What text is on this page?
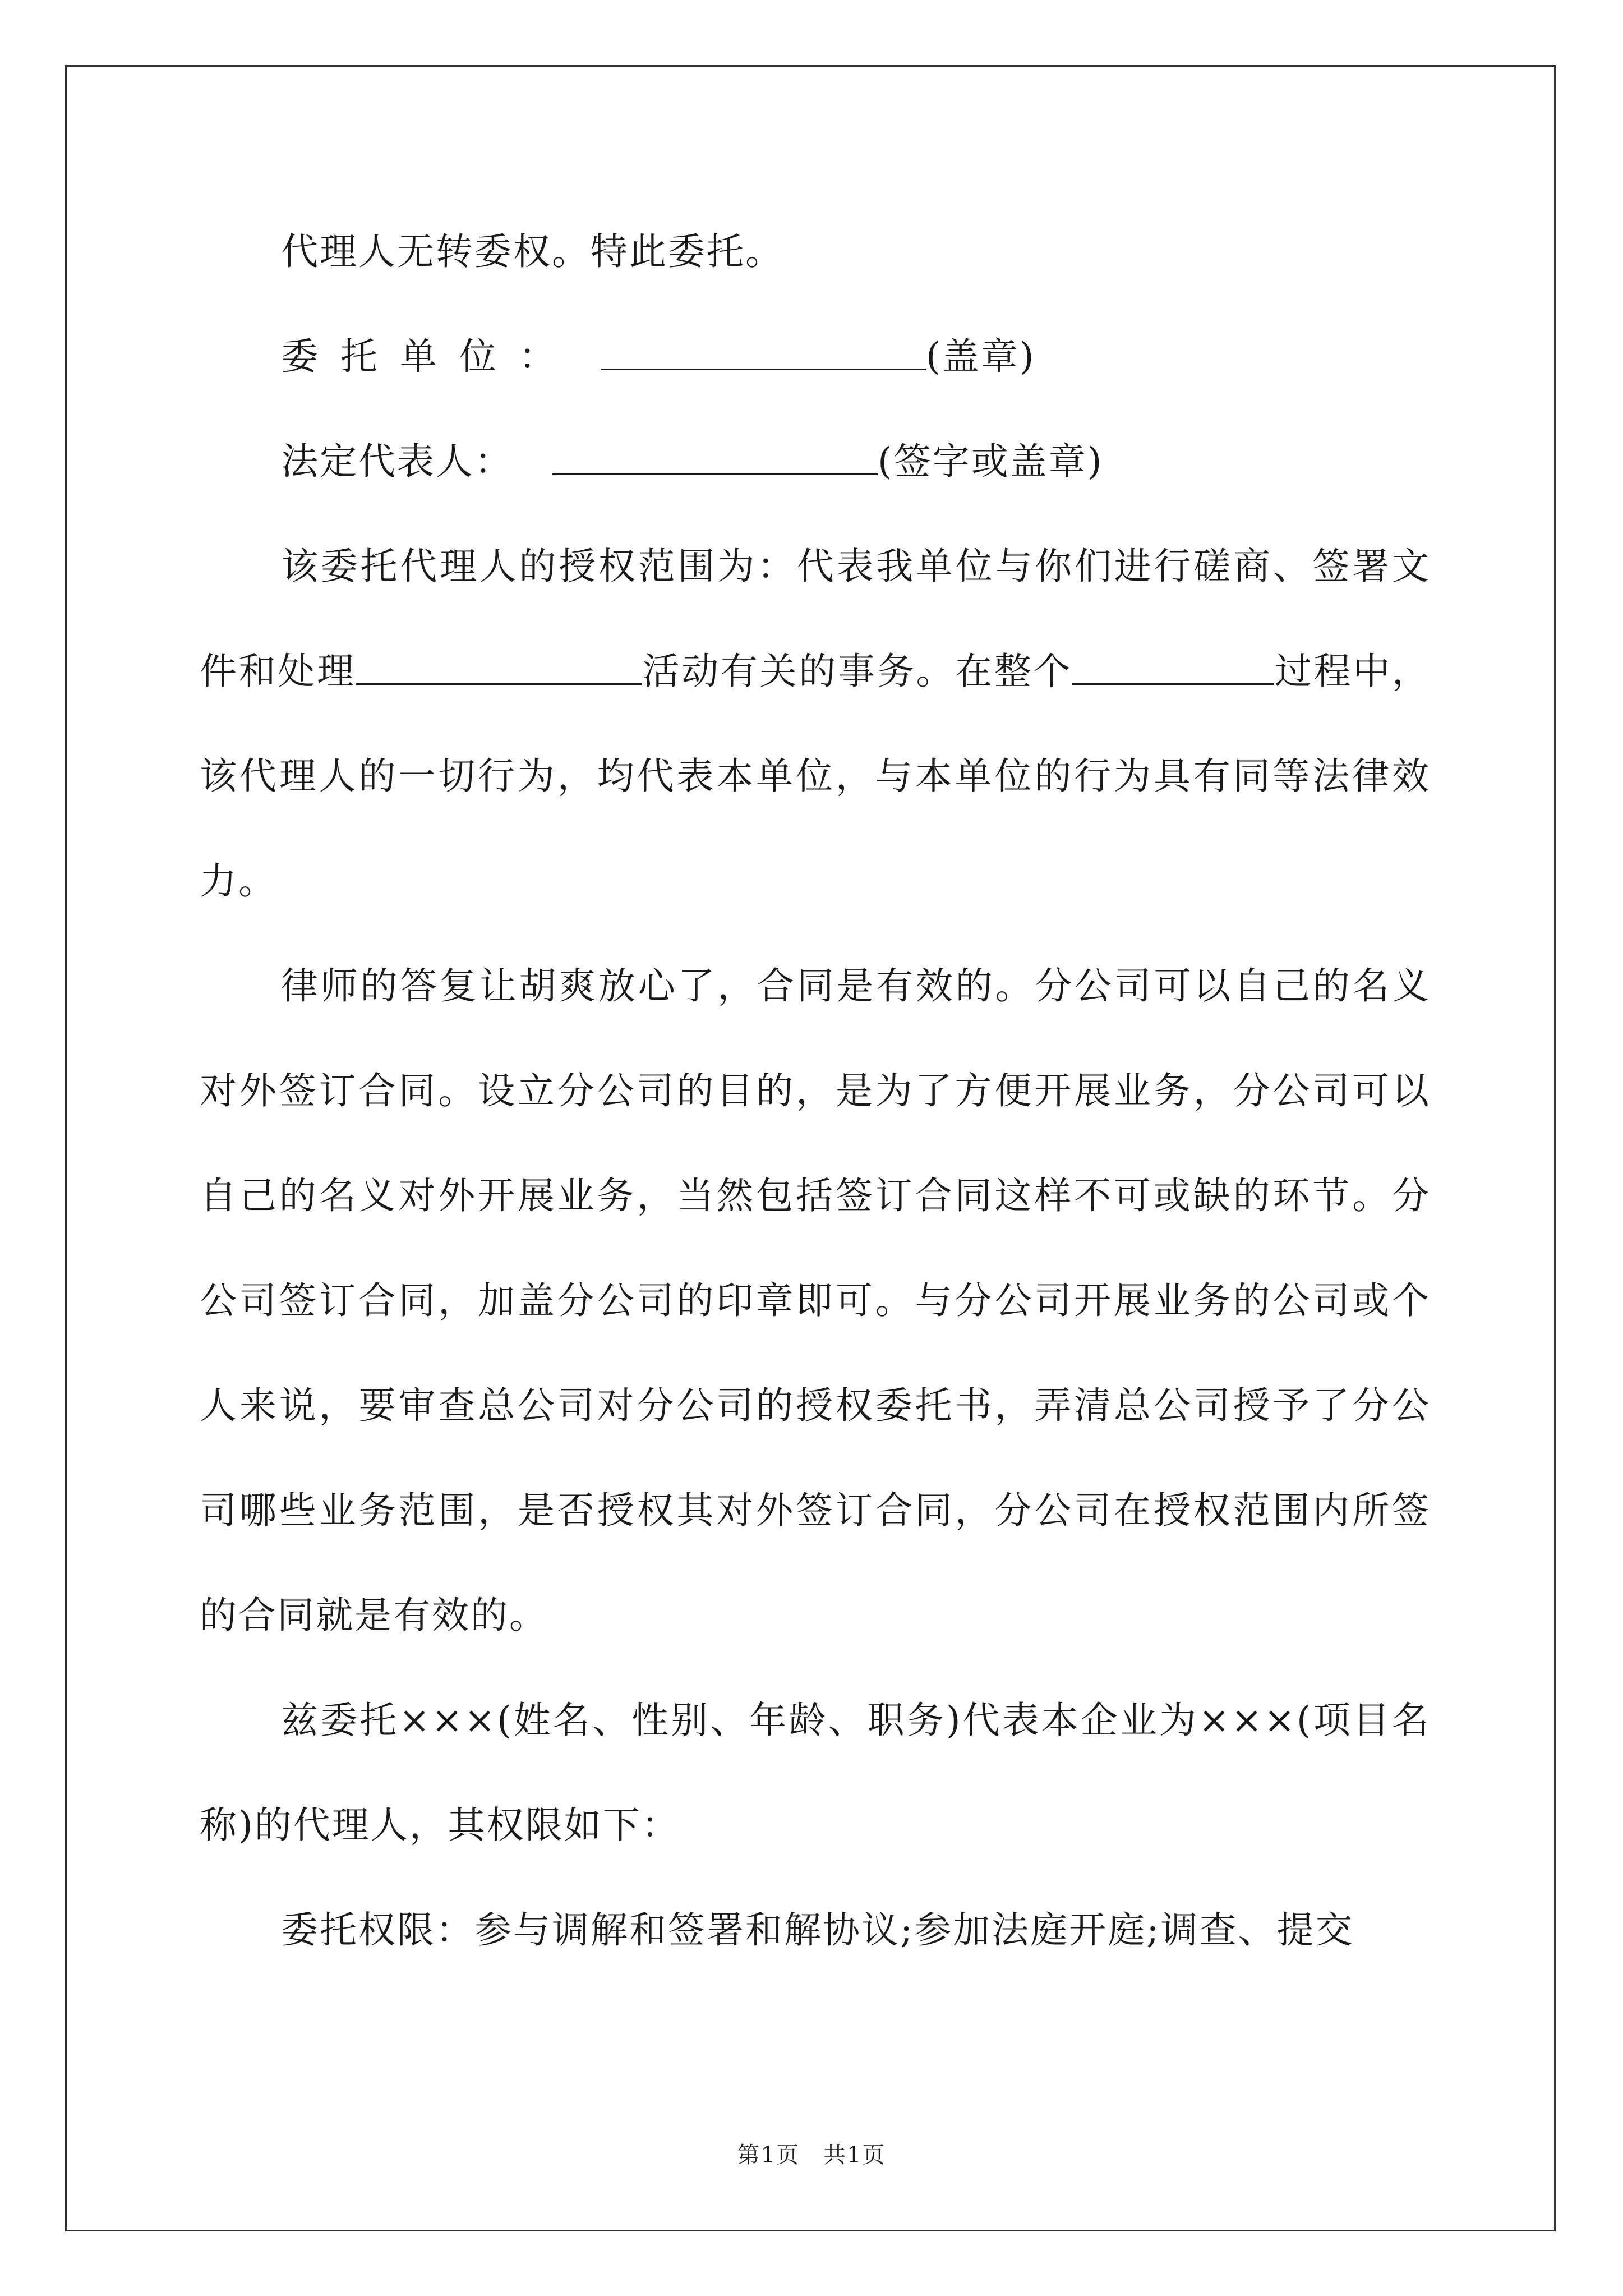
代理人无转委权。特此委托。

委托单位：	(盖章)

法定代表人：	(签字或盖章)

该委托代理人的授权范围为：代表我单位与你们进行磋商、签署文件和处理	活动有关的事务。在整个	过程中，该代理人的一切行为，均代表本单位，与本单位的行为具有同等法律效力。

律师的答复让胡爽放心了，合同是有效的。分公司可以自己的名义对外签订合同。设立分公司的目的，是为了方便开展业务，分公司可以自己的名义对外开展业务，当然包括签订合同这样不可或缺的环节。分公司签订合同，加盖分公司的印章即可。与分公司开展业务的公司或个人来说，要审查总公司对分公司的授权委托书，弄清总公司授予了分公司哪些业务范围，是否授权其对外签订合同，分公司在授权范围内所签的合同就是有效的。

兹委托×××(姓名、性别、年龄、职务)代表本企业为×××(项目名称)的代理人，其权限如下：

委托权限：参与调解和签署和解协议;参加法庭开庭;调查、提交

第1页　共1页
